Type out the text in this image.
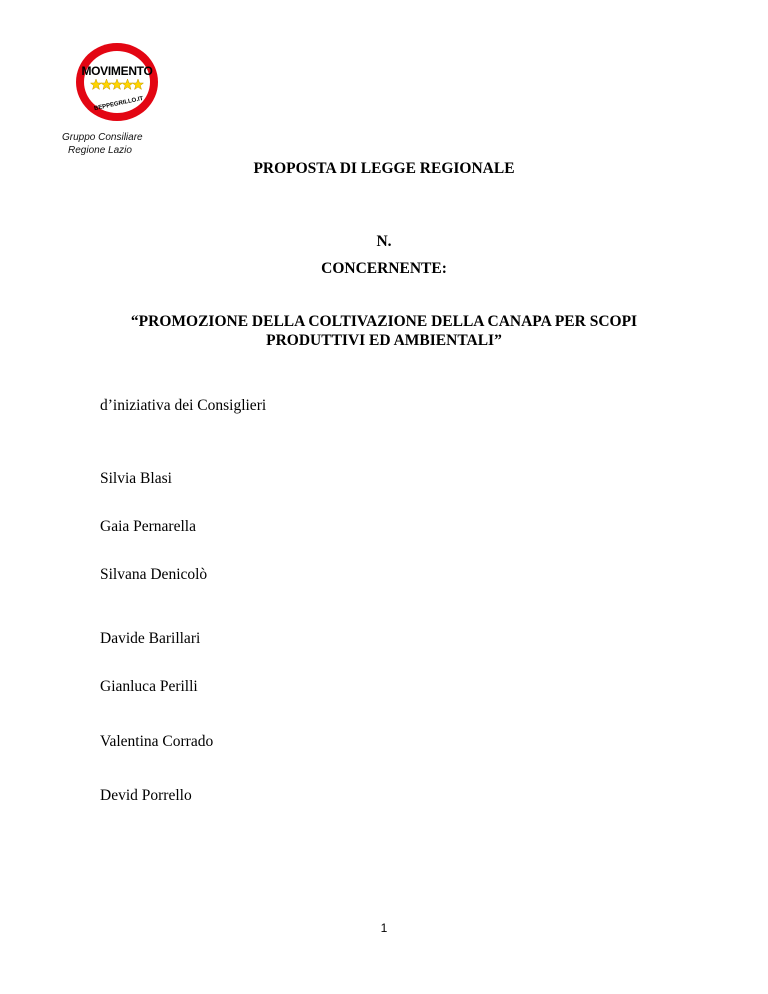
MOVIMENTO
BEPPEGRILLO.IT
Gruppo Consiliare
Regione Lazio
PROPOSTA DI LEGGE REGIONALE
N.
CONCERNENTE:
“PROMOZIONE DELLA COLTIVAZIONE DELLA CANAPA PER SCOPI
PRODUTTIVI ED AMBIENTALI”
d’iniziativa dei Consiglieri
Silvia Blasi
Gaia Pernarella
Silvana Denicolò
Davide Barillari
Gianluca Perilli
Valentina Corrado
Devid Porrello
1
